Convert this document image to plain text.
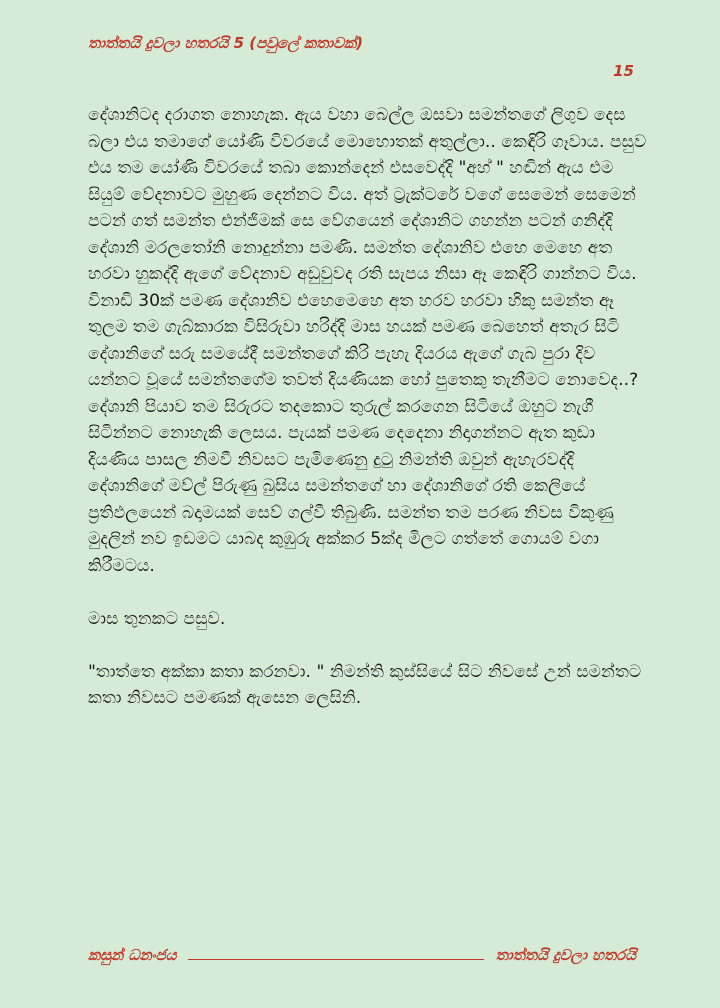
තාත්තයි දුවලා හතරයි 5 (පවුලේ කතාවක්)
15

දේශානිටද දරාගත නොහැක. ඇය වහා බෙල්ල ඔසවා සමන්තගේ ලිගුව දෙස බලා එය තමාගේ යෝණි විවරයේ මොහොතක් අතුල්ලා.. කෙඳිරි ගෑවාය. පසුව එය තම යෝණි විවරයේ තබා කොන්දෙන් එසවෙද්දි "අහ් " හඬින් ඇය එම සියුම් වේදනාවට මුහුණ දෙන්නට විය. අත් ට්‍රැක්ටරේ වගේ සෙමෙන් සෙමෙන් පටන් ගත් සමන්ත එන්ජිමක් සෙ වේගයෙන් දේශානිට ගහන්න පටන් ගනිද්දි දේශානි මරලතෝනි නොදුන්නා පමණි. සමන්ත දේශානිව එහෙ මෙහෙ අත හරවා හුකද්දි ඇගේ වේදනාව අඩුවුවද රති සැපය නිසා ඈ කෙඳිරි ගාන්නට විය. විනාඩි 30ක් පමණ දේශානිව එහෙමෙහෙ අත හරව හරවා හිකු සමන්ත ඈ තුලම තම ගැබ්කාරක විසිරුවා හරිද්දි මාස හයක් පමණ බෙහෙත් අතැර සිටි දේශානිගේ සරු සමයේදී සමන්තගේ කිරි පැහැ දියරය ඇගේ ගැබ පුරා දිව යන්නට වූයේ සමන්තගේම තවත් දියණියක හෝ පුතෙකු තැනීමට නොවෙද..? දේශානි පියාව තම සිරුරට තදකොට තුරුල් කරගෙන සිටියේ ඔහුට නැගී සිටින්නට නොහැකි ලෙසය. පැයක් පමණ දෙදෙනා නිදාගන්නට ඇත කුඩා දියණිය පාසල නිමවී නිවසට පැමිණෙනු දුටු නිමන්ති ඔවුන් ඇහැරවද්දි දේශානිගේ මව්ල් පිරුණු බුසිය සමන්තගේ හා දේශානිගේ රති කෙලියේ ප්‍රතිඵලයෙන් බදාමයක් සෙව් ගල්වී තිබුණි. සමන්ත තම පරණ නිවස විකුණු මුදලින් නව ඉඩමට යාබද කුඹුරු අක්කර 5ක්ද මිලට ගත්තේ ගොයම් වගා කිරීමටය.

මාස තුනකට පසුව.

"තාත්තෙ අක්කා කතා කරනවා. " නිමන්ති කුස්සියේ සිට නිවසේ උන් සමන්තට කතා නිවසට පමණක් ඇසෙන ලෙසිනි.

කසුන් ධනංජය	තාත්තයි දුවලා හතරයි
